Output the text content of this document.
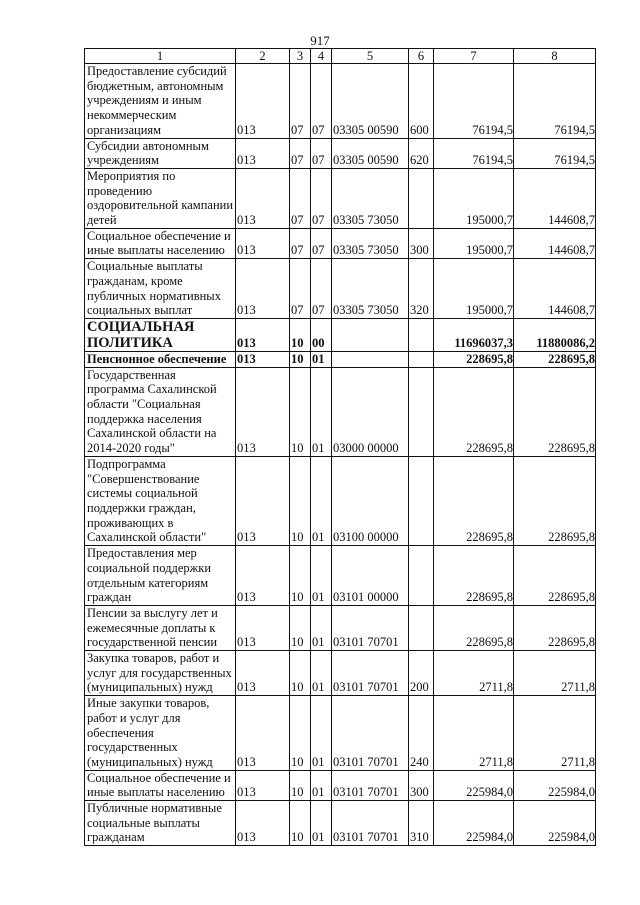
917
1	2	3	4	5	6	7	8
Предоставление субсидий бюджетным, автономным учреждениям и иным некоммерческим организациям	013	07	07	03305 00590	600	76194,5	76194,5
Субсидии автономным учреждениям	013	07	07	03305 00590	620	76194,5	76194,5
Мероприятия по проведению оздоровительной кампании детей	013	07	07	03305 73050		195000,7	144608,7
Социальное обеспечение и иные выплаты населению	013	07	07	03305 73050	300	195000,7	144608,7
Социальные выплаты гражданам, кроме публичных нормативных социальных выплат	013	07	07	03305 73050	320	195000,7	144608,7
СОЦИАЛЬНАЯ ПОЛИТИКА	013	10	00			11696037,3	11880086,2
Пенсионное обеспечение	013	10	01			228695,8	228695,8
Государственная программа Сахалинской области "Социальная поддержка населения Сахалинской области на 2014-2020 годы"	013	10	01	03000 00000		228695,8	228695,8
Подпрограмма "Совершенствование системы социальной поддержки граждан, проживающих в Сахалинской области"	013	10	01	03100 00000		228695,8	228695,8
Предоставления мер социальной поддержки отдельным категориям граждан	013	10	01	03101 00000		228695,8	228695,8
Пенсии за выслугу лет и ежемесячные доплаты к государственной пенсии	013	10	01	03101 70701		228695,8	228695,8
Закупка товаров, работ и услуг для государственных (муниципальных) нужд	013	10	01	03101 70701	200	2711,8	2711,8
Иные закупки товаров, работ и услуг для обеспечения государственных (муниципальных) нужд	013	10	01	03101 70701	240	2711,8	2711,8
Социальное обеспечение и иные выплаты населению	013	10	01	03101 70701	300	225984,0	225984,0
Публичные нормативные социальные выплаты гражданам	013	10	01	03101 70701	310	225984,0	225984,0
